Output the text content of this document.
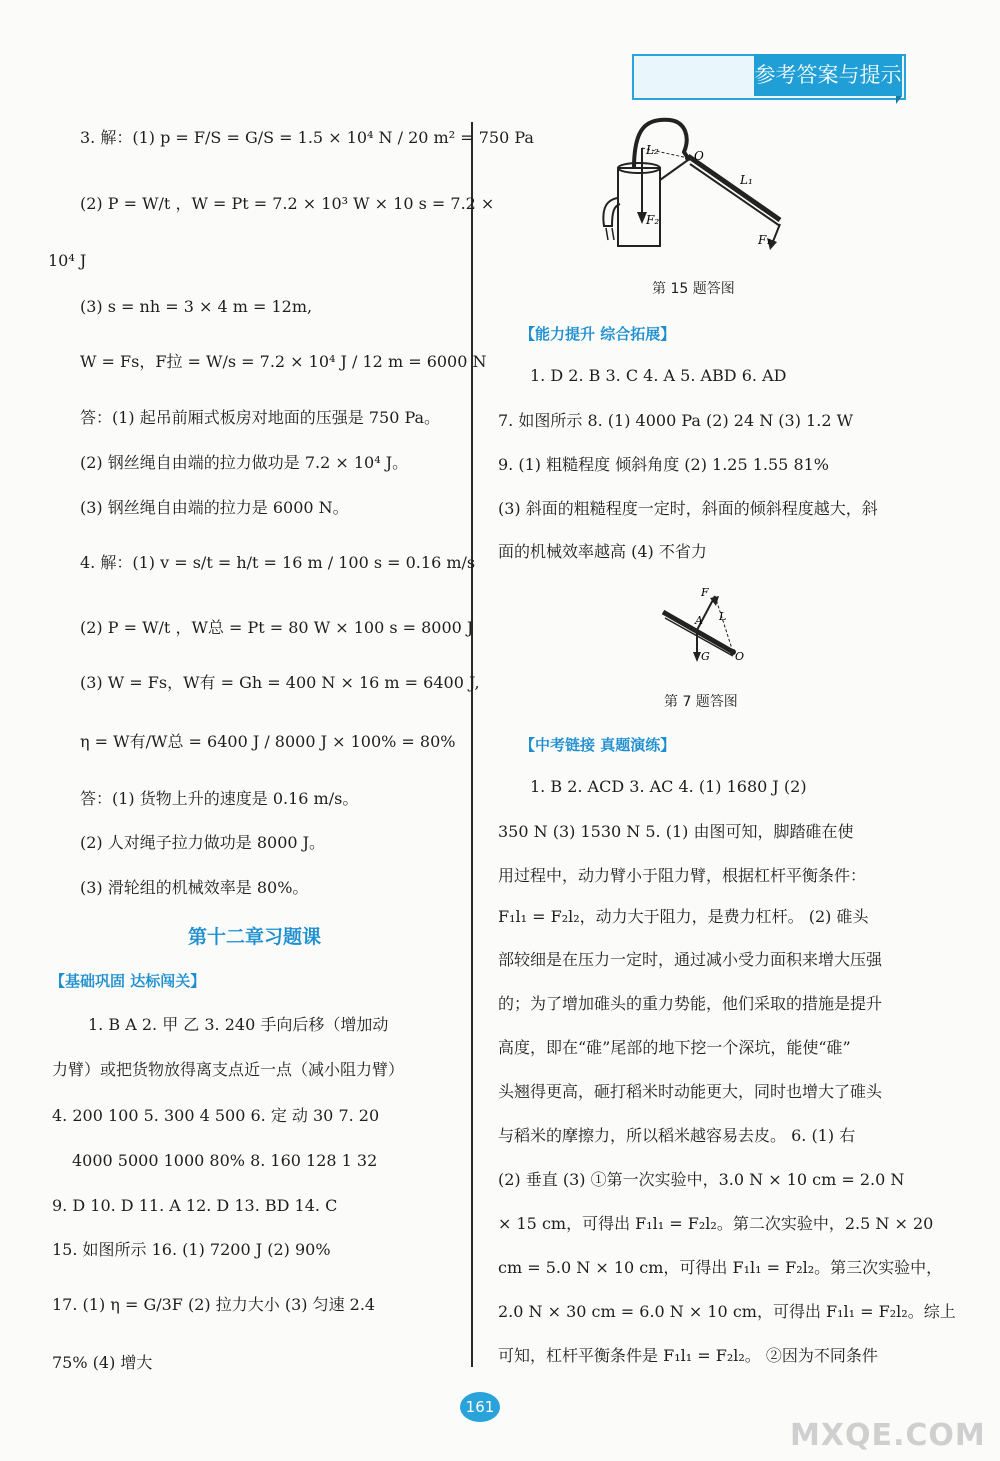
参考答案与提示
3. 解：(1) p = F/S = G/S = 1.5 × 10⁴ N / 20 m² = 750 Pa
(2) P = W/t ，W = Pt = 7.2 × 10³ W × 10 s = 7.2 ×
10⁴ J
(3) s = nh = 3 × 4 m = 12m,
W = Fs，F拉 = W/s = 7.2 × 10⁴ J / 12 m = 6000 N
答：(1) 起吊前厢式板房对地面的压强是 750 Pa。
(2) 钢丝绳自由端的拉力做功是 7.2 × 10⁴ J。
(3) 钢丝绳自由端的拉力是 6000 N。
4. 解：(1) v = s/t = h/t = 16 m / 100 s = 0.16 m/s
(2) P = W/t ，W总 = Pt = 80 W × 100 s = 8000 J
(3) W = Fs，W有 = Gh = 400 N × 16 m = 6400 J,
η = W有/W总 = 6400 J / 8000 J × 100% = 80%
答：(1) 货物上升的速度是 0.16 m/s。
(2) 人对绳子拉力做功是 8000 J。
(3) 滑轮组的机械效率是 80%。
第十二章习题课
【基础巩固 达标闯关】
1. B A 2. 甲 乙 3. 240 手向后移（增加动
力臂）或把货物放得离支点近一点（减小阻力臂）
4. 200 100 5. 300 4 500 6. 定 动 30 7. 20
4000 5000 1000 80% 8. 160 128 1 32
9. D 10. D 11. A 12. D 13. BD 14. C
15. 如图所示 16. (1) 7200 J (2) 90%
17. (1) η = G/3F (2) 拉力大小 (3) 匀速 2.4
75% (4) 增大
L₂	O
L₁
F₂
F₁
第 15 题答图
【能力提升 综合拓展】
1. D 2. B 3. C 4. A 5. ABD 6. AD
7. 如图所示 8. (1) 4000 Pa (2) 24 N (3) 1.2 W
9. (1) 粗糙程度 倾斜角度 (2) 1.25 1.55 81%
(3) 斜面的粗糙程度一定时，斜面的倾斜程度越大，斜
面的机械效率越高 (4) 不省力
F
L
A
G O
第 7 题答图
【中考链接 真题演练】
1. B 2. ACD 3. AC 4. (1) 1680 J (2)
350 N (3) 1530 N 5. (1) 由图可知，脚踏碓在使
用过程中，动力臂小于阻力臂，根据杠杆平衡条件：
F₁l₁ = F₂l₂，动力大于阻力，是费力杠杆。 (2) 碓头
部较细是在压力一定时，通过减小受力面积来增大压强
的；为了增加碓头的重力势能，他们采取的措施是提升
高度，即在“碓”尾部的地下挖一个深坑，能使“碓”
头翘得更高，砸打稻米时动能更大，同时也增大了碓头
与稻米的摩擦力，所以稻米越容易去皮。 6. (1) 右
(2) 垂直 (3) ①第一次实验中，3.0 N × 10 cm = 2.0 N
× 15 cm，可得出 F₁l₁ = F₂l₂。第二次实验中，2.5 N × 20
cm = 5.0 N × 10 cm，可得出 F₁l₁ = F₂l₂。第三次实验中，
2.0 N × 30 cm = 6.0 N × 10 cm，可得出 F₁l₁ = F₂l₂。综上
可知，杠杆平衡条件是 F₁l₁ = F₂l₂。 ②因为不同条件
161
MXQE.COM
